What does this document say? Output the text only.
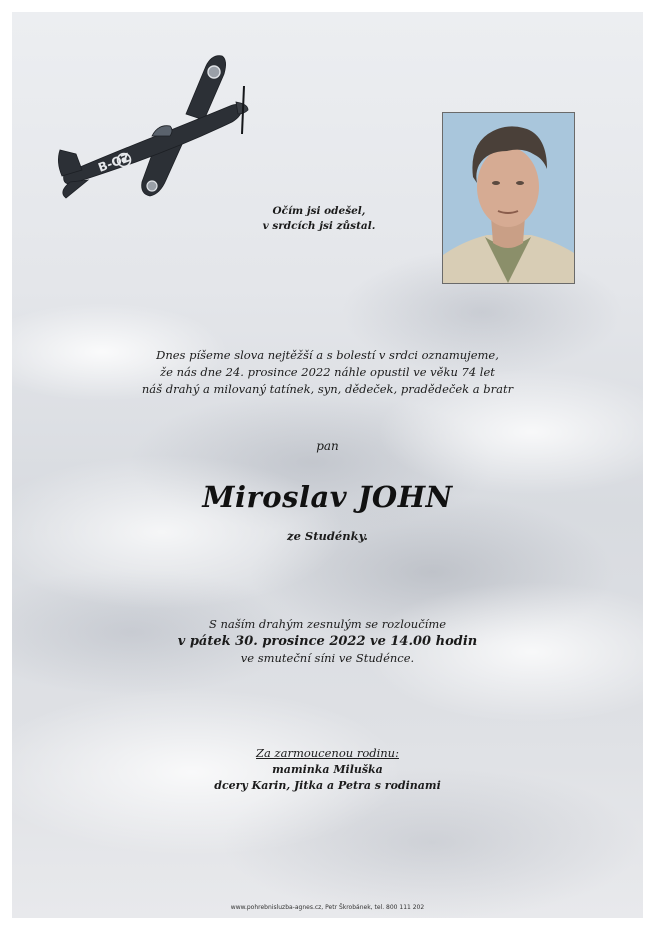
B-OZ
Očím jsi odešel,
v srdcích jsi zůstal.
Dnes píšeme slova nejtěžší a s bolestí v srdci oznamujeme,
že nás dne 24. prosince 2022 náhle opustil ve věku 74 let
náš drahý a milovaný tatínek, syn, dědeček, pradědeček a bratr
pan
Miroslav JOHN
ze Studénky.
S naším drahým zesnulým se rozloučíme
v pátek 30. prosince 2022 ve 14.00 hodin
ve smuteční síni ve Studénce.
Za zarmoucenou rodinu:
maminka Miluška
dcery Karin, Jitka a Petra s rodinami
www.pohrebnisluzba-agnes.cz, Petr Škrobánek, tel. 800 111 202
